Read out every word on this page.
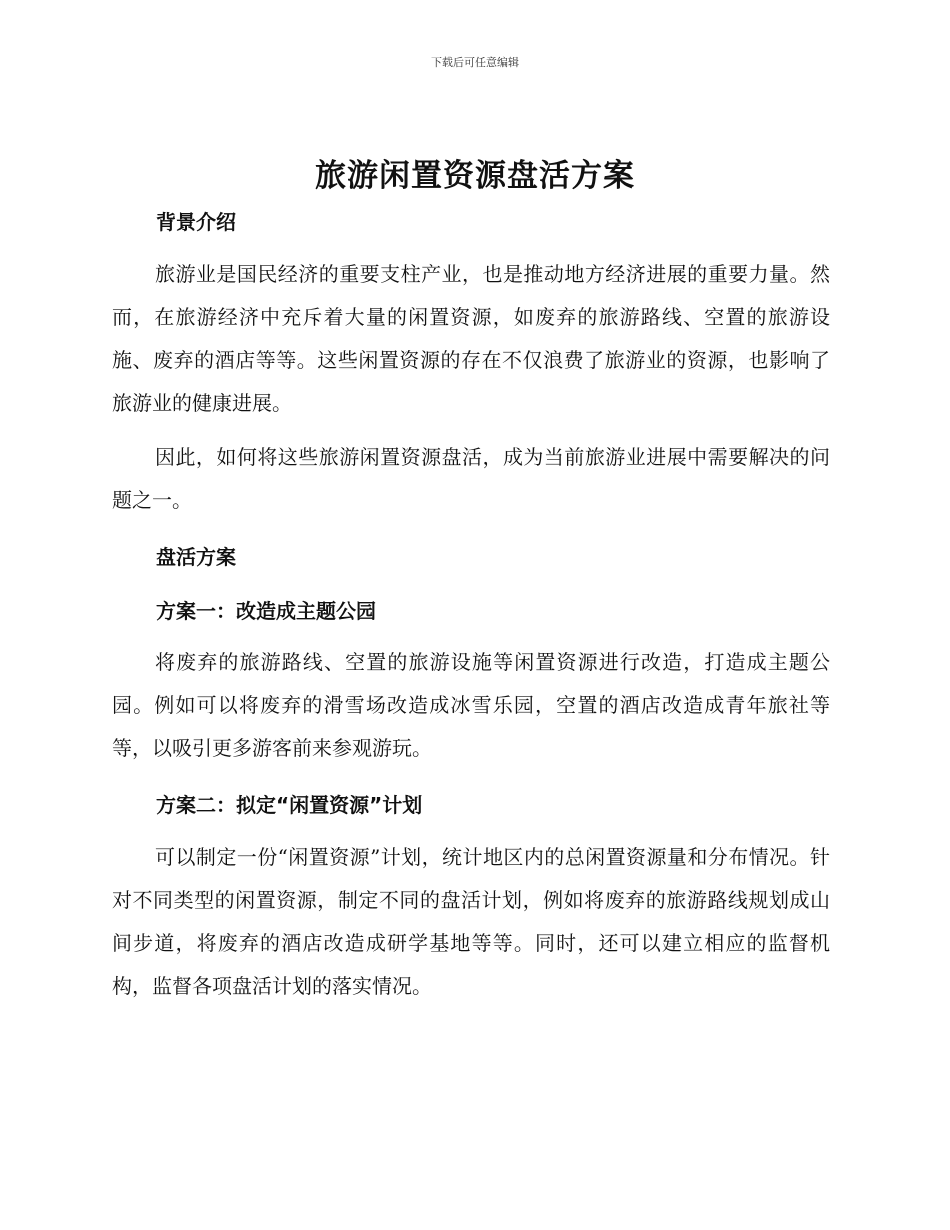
下载后可任意编辑
旅游闲置资源盘活方案
背景介绍

旅游业是国民经济的重要支柱产业，也是推动地方经济进展的重要力量。然而，在旅游经济中充斥着大量的闲置资源，如废弃的旅游路线、空置的旅游设施、废弃的酒店等等。这些闲置资源的存在不仅浪费了旅游业的资源，也影响了旅游业的健康进展。

因此，如何将这些旅游闲置资源盘活，成为当前旅游业进展中需要解决的问题之一。

盘活方案
方案一：改造成主题公园

将废弃的旅游路线、空置的旅游设施等闲置资源进行改造，打造成主题公园。例如可以将废弃的滑雪场改造成冰雪乐园，空置的酒店改造成青年旅社等等，以吸引更多游客前来参观游玩。

方案二：拟定“闲置资源”计划

可以制定一份“闲置资源”计划，统计地区内的总闲置资源量和分布情况。针对不同类型的闲置资源，制定不同的盘活计划，例如将废弃的旅游路线规划成山间步道，将废弃的酒店改造成研学基地等等。同时，还可以建立相应的监督机构，监督各项盘活计划的落实情况。
